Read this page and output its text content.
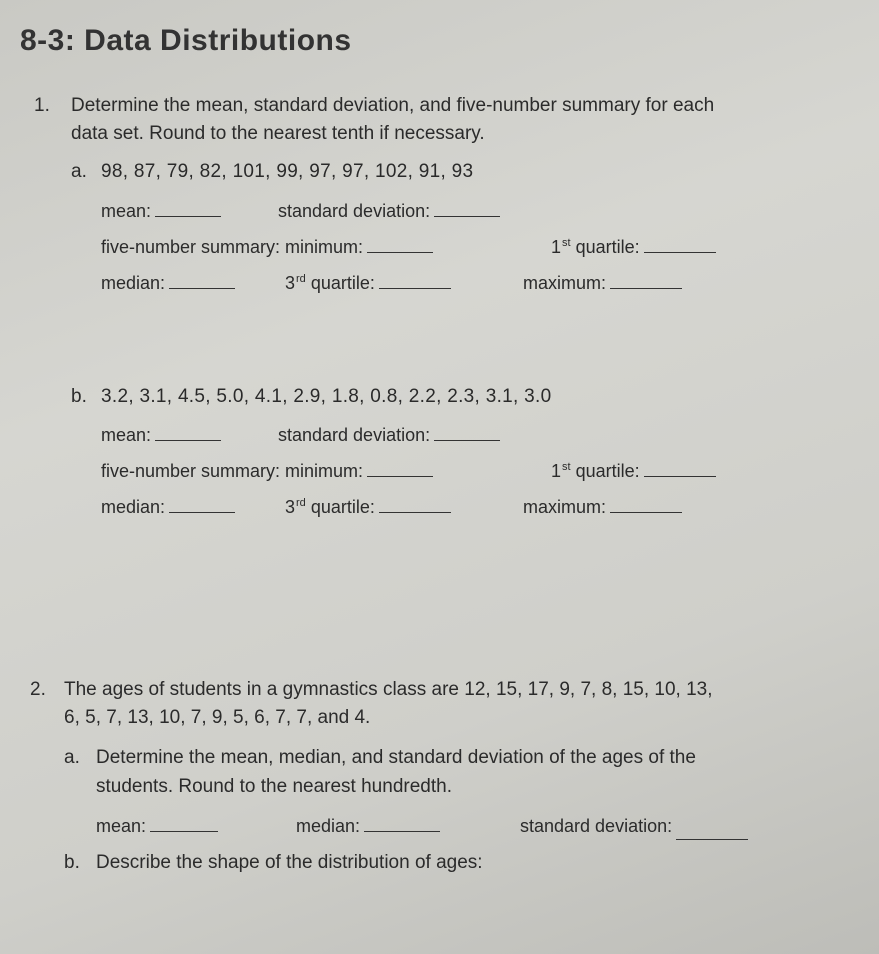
8-3: Data Distributions
1. Determine the mean, standard deviation, and five-number summary for each
data set. Round to the nearest tenth if necessary.
a. 98, 87, 79, 82, 101, 99, 97, 97, 102, 91, 93
mean:	standard deviation:
five-number summary: minimum:	1st quartile:
median:	3rd quartile:	maximum:
b. 3.2, 3.1, 4.5, 5.0, 4.1, 2.9, 1.8, 0.8, 2.2, 2.3, 3.1, 3.0
mean:	standard deviation:
five-number summary: minimum:	1st quartile:
median:	3rd quartile:	maximum:
2. The ages of students in a gymnastics class are 12, 15, 17, 9, 7, 8, 15, 10, 13,
6, 5, 7, 13, 10, 7, 9, 5, 6, 7, 7, and 4.
a. Determine the mean, median, and standard deviation of the ages of the
students. Round to the nearest hundredth.
mean:	median:	standard deviation:
b. Describe the shape of the distribution of ages:
